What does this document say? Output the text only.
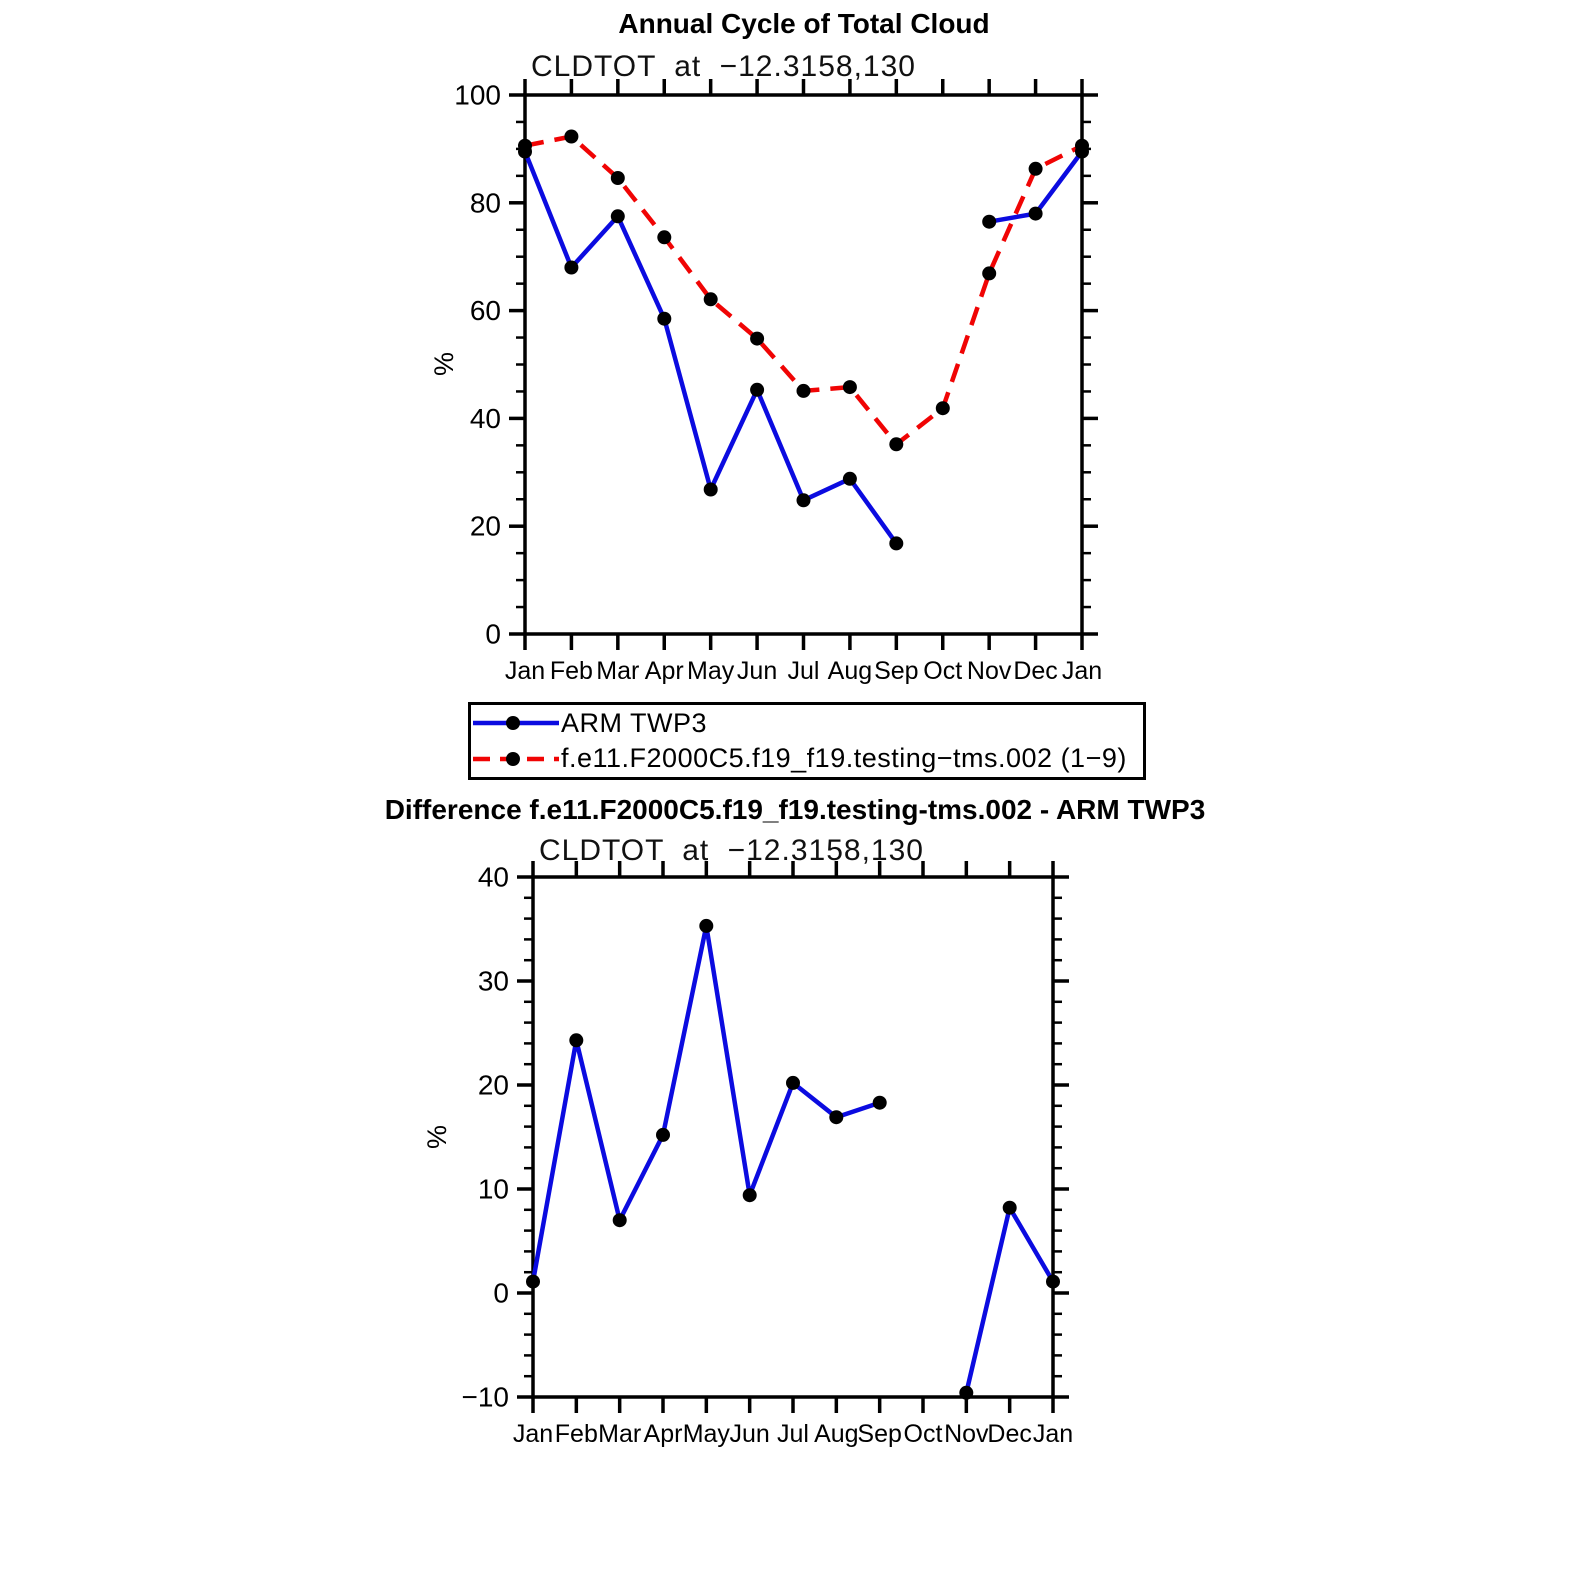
Annual Cycle of Total Cloud
CLDTOT at −12.3158,130
%
Difference f.e11.F2000C5.f19_f19.testing-tms.002 - ARM TWP3
CLDTOT at −12.3158,130
%
0
20
40
60
80
100
Jan Feb Mar Apr May Jun Jul Aug Sep Oct Nov Dec Jan
−10
0
10
20
30
40
Jan Feb Mar Apr May Jun Jul Aug
Sep Oct Nov
Dec Jan
ARM TWP3
f.e11.F2000C5.f19_f19.testing−tms.002 (1−9)
